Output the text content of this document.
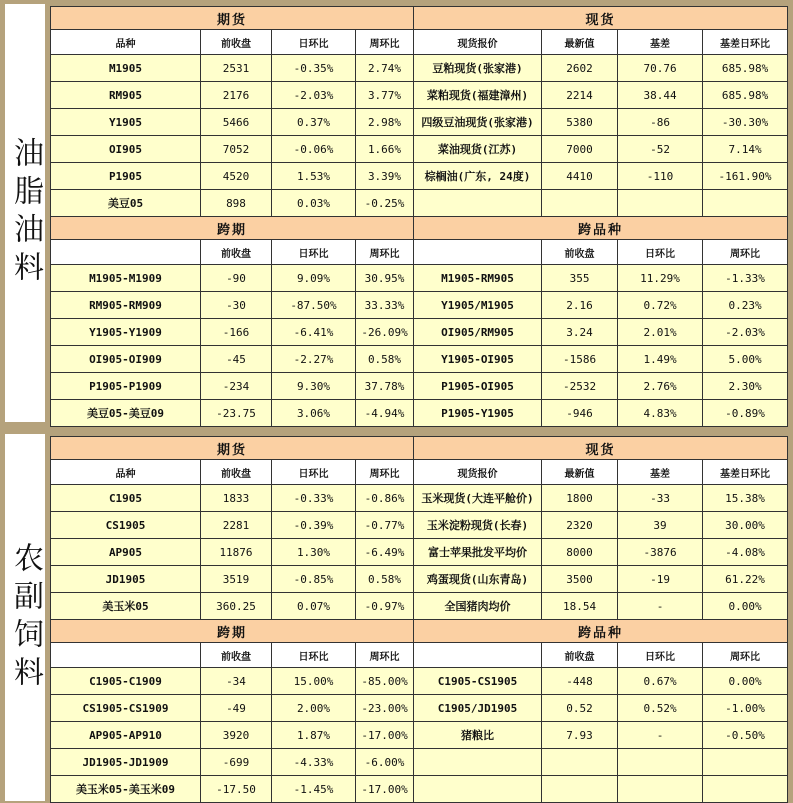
油脂油料
期货				现货			
品种	前收盘	日环比	周环比	现货报价	最新值	基差	基差日环比
M1905	2531	-0.35%	2.74%	豆粕现货(张家港)	2602	70.76	685.98%
RM905	2176	-2.03%	3.77%	菜粕现货(福建漳州)	2214	38.44	685.98%
Y1905	5466	0.37%	2.98%	四级豆油现货(张家港)	5380	-86	-30.30%
OI905	7052	-0.06%	1.66%	菜油现货(江苏)	7000	-52	7.14%
P1905	4520	1.53%	3.39%	棕榈油(广东, 24度)	4410	-110	-161.90%
美豆05	898	0.03%	-0.25%				
跨期				跨品种			
	前收盘	日环比	周环比		前收盘	日环比	周环比
M1905-M1909	-90	9.09%	30.95%	M1905-RM905	355	11.29%	-1.33%
RM905-RM909	-30	-87.50%	33.33%	Y1905/M1905	2.16	0.72%	0.23%
Y1905-Y1909	-166	-6.41%	-26.09%	OI905/RM905	3.24	2.01%	-2.03%
OI905-OI909	-45	-2.27%	0.58%	Y1905-OI905	-1586	1.49%	5.00%
P1905-P1909	-234	9.30%	37.78%	P1905-OI905	-2532	2.76%	2.30%
美豆05-美豆09	-23.75	3.06%	-4.94%	P1905-Y1905	-946	4.83%	-0.89%
农副饲料
期货				现货			
品种	前收盘	日环比	周环比	现货报价	最新值	基差	基差日环比
C1905	1833	-0.33%	-0.86%	玉米现货(大连平舱价)	1800	-33	15.38%
CS1905	2281	-0.39%	-0.77%	玉米淀粉现货(长春)	2320	39	30.00%
AP905	11876	1.30%	-6.49%	富士苹果批发平均价	8000	-3876	-4.08%
JD1905	3519	-0.85%	0.58%	鸡蛋现货(山东青岛)	3500	-19	61.22%
美玉米05	360.25	0.07%	-0.97%	全国猪肉均价	18.54	-	0.00%
跨期				跨品种			
	前收盘	日环比	周环比		前收盘	日环比	周环比
C1905-C1909	-34	15.00%	-85.00%	C1905-CS1905	-448	0.67%	0.00%
CS1905-CS1909	-49	2.00%	-23.00%	C1905/JD1905	0.52	0.52%	-1.00%
AP905-AP910	3920	1.87%	-17.00%	猪粮比	7.93	-	-0.50%
JD1905-JD1909	-699	-4.33%	-6.00%				
美玉米05-美玉米09	-17.50	-1.45%	-17.00%				
